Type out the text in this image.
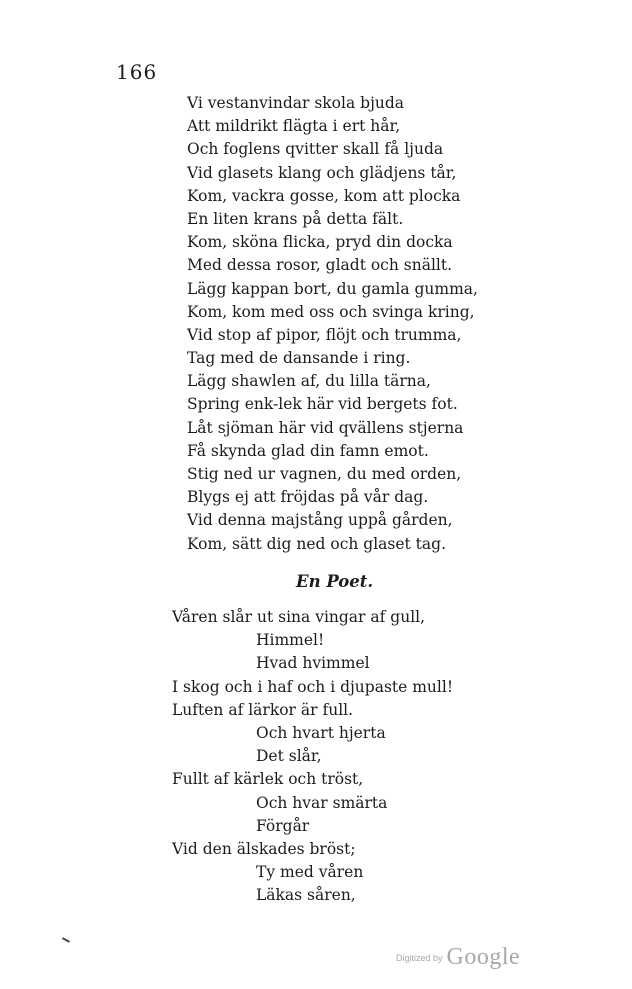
166
Vi vestanvindar skola bjuda
Att mildrikt flägta i ert hår,
Och foglens qvitter skall få ljuda
Vid glasets klang och glädjens tår,
Kom, vackra gosse, kom att plocka
En liten krans på detta fält.
Kom, sköna flicka, pryd din docka
Med dessa rosor, gladt och snällt.
Lägg kappan bort, du gamla gumma,
Kom, kom med oss och svinga kring,
Vid stop af pipor, flöjt och trumma,
Tag med de dansande i ring.
Lägg shawlen af, du lilla tärna,
Spring enk-lek här vid bergets fot.
Låt sjöman här vid qvällens stjerna
Få skynda glad din famn emot.
Stig ned ur vagnen, du med orden,
Blygs ej att fröjdas på vår dag.
Vid denna majstång uppå gården,
Kom, sätt dig ned och glaset tag.
En Poet.
Våren slår ut sina vingar af gull,
Himmel!
Hvad hvimmel
I skog och i haf och i djupaste mull!
Luften af lärkor är full.
Och hvart hjerta
Det slår,
Fullt af kärlek och tröst,
Och hvar smärta
Förgår
Vid den älskades bröst;
Ty med våren
Läkas såren,
Digitized by Google
